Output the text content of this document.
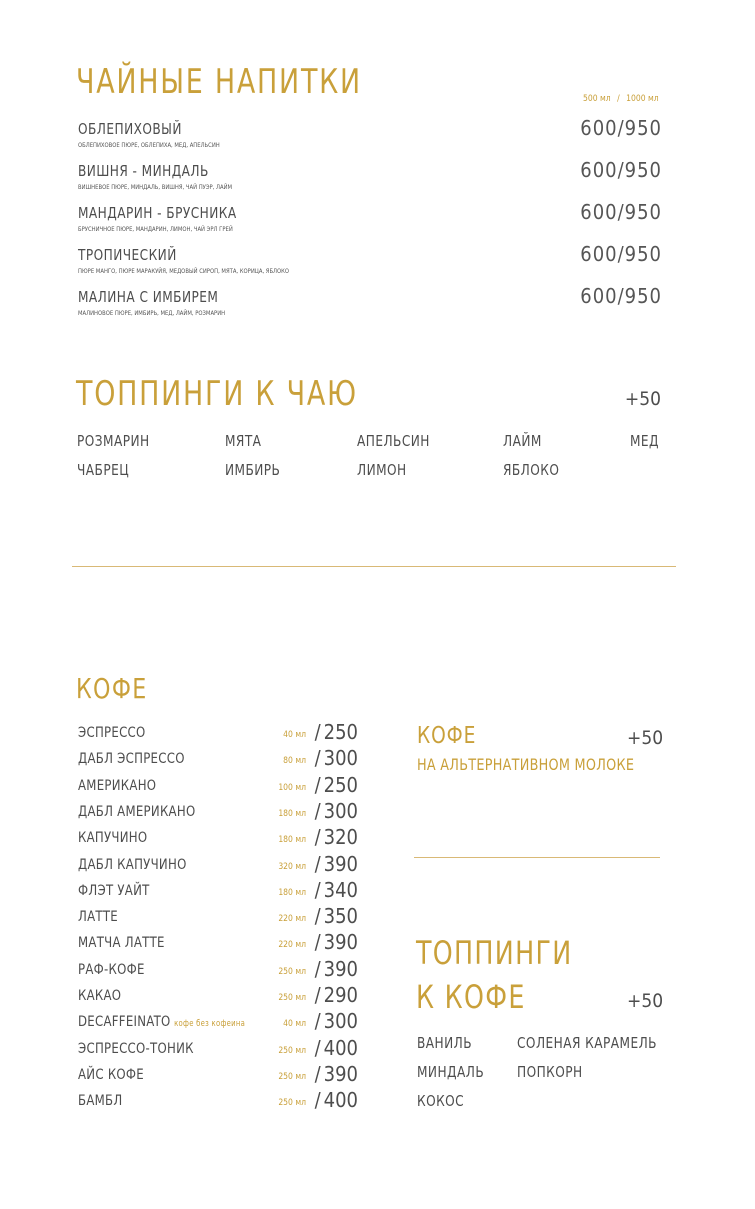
ЧАЙНЫЕ НАПИТКИ	500 мл / 1000 мл
ОБЛЕПИХОВЫЙ
ОБЛЕПИХОВОЕ ПЮРЕ, ОБЛЕПИХА, МЕД, АПЕЛЬСИН
600/950
ВИШНЯ - МИНДАЛЬ
ВИШНЕВОЕ ПЮРЕ, МИНДАЛЬ, ВИШНЯ, ЧАЙ ПУЭР, ЛАЙМ
600/950
МАНДАРИН - БРУСНИКА
БРУСНИЧНОЕ ПЮРЕ, МАНДАРИН, ЛИМОН, ЧАЙ ЭРЛ ГРЕЙ
600/950
ТРОПИЧЕСКИЙ
ПЮРЕ МАНГО, ПЮРЕ МАРАКУЙЯ, МЕДОВЫЙ СИРОП, МЯТА, КОРИЦА, ЯБЛОКО
600/950
МАЛИНА С ИМБИРЕМ
МАЛИНОВОЕ ПЮРЕ, ИМБИРЬ, МЕД, ЛАЙМ, РОЗМАРИН
600/950
ТОППИНГИ К ЧАЮ	+50
РОЗМАРИН	МЯТА	АПЕЛЬСИН	ЛАЙМ	МЕД
ЧАБРЕЦ	ИМБИРЬ	ЛИМОН	ЯБЛОКО
КОФЕ
ЭСПРЕССО	40 мл / 250
ДАБЛ ЭСПРЕССО	80 мл / 300
АМЕРИКАНО	100 мл / 250
ДАБЛ АМЕРИКАНО	180 мл / 300
КАПУЧИНО	180 мл / 320
ДАБЛ КАПУЧИНО	320 мл / 390
ФЛЭТ УАЙТ	180 мл / 340
ЛАТТЕ	220 мл / 350
МАТЧА ЛАТТЕ	220 мл / 390
РАФ-КОФЕ	250 мл / 390
КАКАО	250 мл / 290
DECAFFEINATO кофе без кофеина	40 мл / 300
ЭСПРЕССО-ТОНИК	250 мл / 400
АЙС КОФЕ	250 мл / 390
БАМБЛ	250 мл / 400
КОФЕ	+50
НА АЛЬТЕРНАТИВНОМ МОЛОКЕ
ТОППИНГИ
К КОФЕ	+50
ВАНИЛЬ	СОЛЕНАЯ КАРАМЕЛЬ
МИНДАЛЬ ПОПКОРН
КОКОС
